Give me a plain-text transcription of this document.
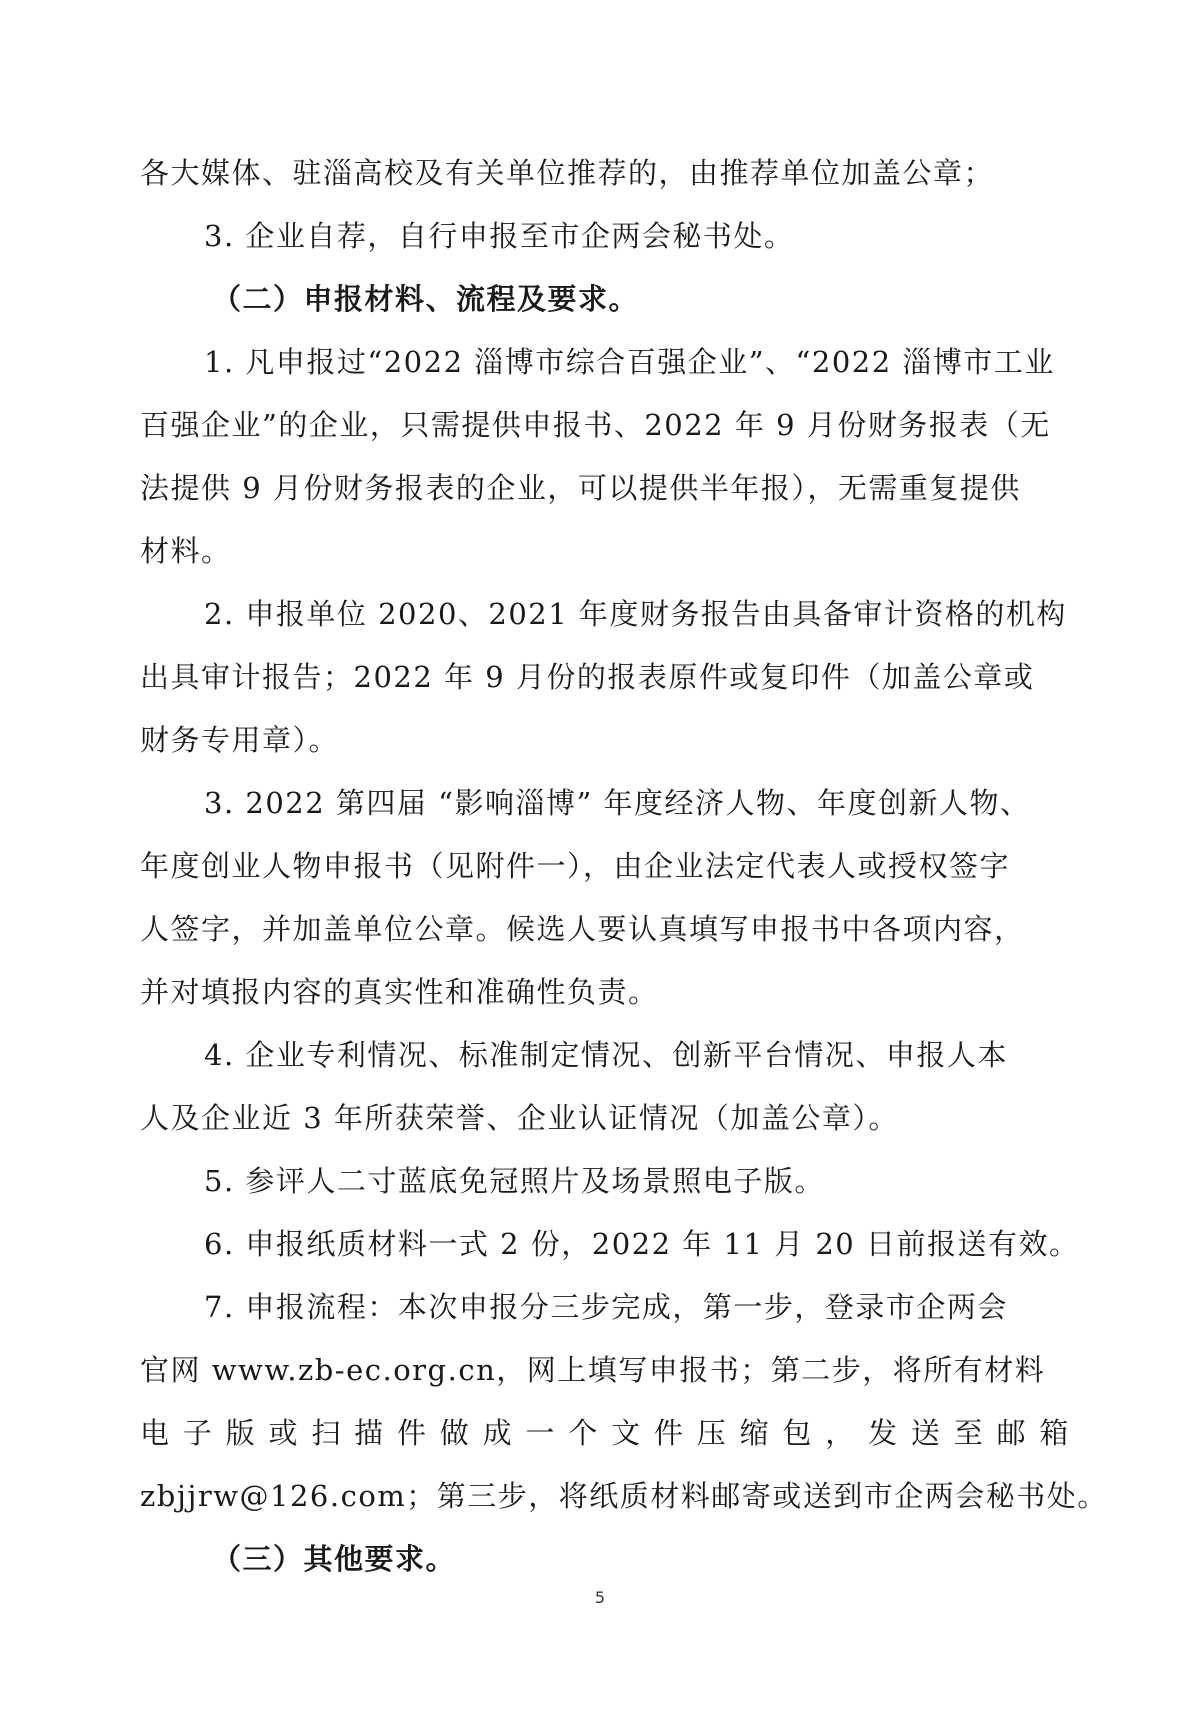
各大媒体、驻淄高校及有关单位推荐的，由推荐单位加盖公章；
3. 企业自荐，自行申报至市企两会秘书处。
（二）申报材料、流程及要求。
1. 凡申报过“2022 淄博市综合百强企业”、“2022 淄博市工业
百强企业”的企业，只需提供申报书、2022 年 9 月份财务报表（无
法提供 9 月份财务报表的企业，可以提供半年报），无需重复提供
材料。
2. 申报单位 2020、2021 年度财务报告由具备审计资格的机构
出具审计报告；2022 年 9 月份的报表原件或复印件（加盖公章或
财务专用章）。
3. 2022 第四届 “影响淄博” 年度经济人物、年度创新人物、
年度创业人物申报书（见附件一），由企业法定代表人或授权签字
人签字，并加盖单位公章。候选人要认真填写申报书中各项内容，
并对填报内容的真实性和准确性负责。
4. 企业专利情况、标准制定情况、创新平台情况、申报人本
人及企业近 3 年所获荣誉、企业认证情况（加盖公章）。
5. 参评人二寸蓝底免冠照片及场景照电子版。
6. 申报纸质材料一式 2 份，2022 年 11 月 20 日前报送有效。
7. 申报流程：本次申报分三步完成，第一步，登录市企两会
官网 www.zb-ec.org.cn，网上填写申报书；第二步，将所有材料
电 子 版 或 扫 描 件 做 成 一 个 文 件 压 缩 包 ， 发 送 至 邮 箱
zbjjrw@126.com；第三步，将纸质材料邮寄或送到市企两会秘书处。
（三）其他要求。
5
